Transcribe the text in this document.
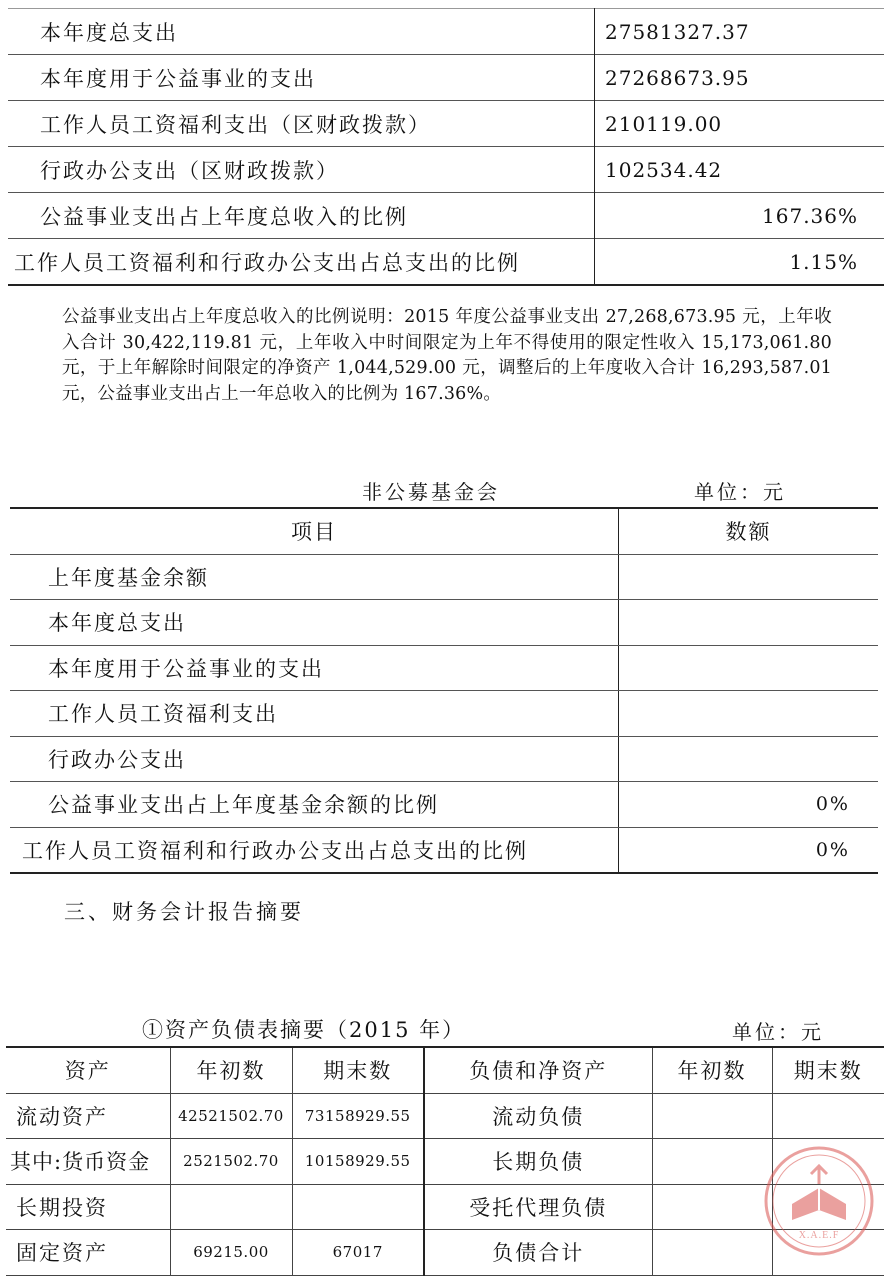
本年度总支出	27581327.37
本年度用于公益事业的支出	27268673.95
工作人员工资福利支出（区财政拨款）	210119.00
行政办公支出（区财政拨款）	102534.42
公益事业支出占上年度总收入的比例	167.36%
工作人员工资福利和行政办公支出占总支出的比例	1.15%
公益事业支出占上年度总收入的比例说明：2015 年度公益事业支出 27,268,673.95 元，上年收入合计 30,422,119.81 元，上年收入中时间限定为上年不得使用的限定性收入 15,173,061.80 元，于上年解除时间限定的净资产 1,044,529.00 元，调整后的上年度收入合计 16,293,587.01 元，公益事业支出占上一年总收入的比例为 167.36%。
非公募基金会	单位：元
项目	数额
上年度基金余额	
本年度总支出	
本年度用于公益事业的支出	
工作人员工资福利支出	
行政办公支出	
公益事业支出占上年度基金余额的比例	0%
工作人员工资福利和行政办公支出占总支出的比例	0%
三、财务会计报告摘要
①资产负债表摘要（2015 年）	单位：元
资产	年初数	期末数	负债和净资产	年初数	期末数
流动资产	42521502.70	73158929.55	流动负债		
其中:货币资金	2521502.70	10158929.55	长期负债		
长期投资			受托代理负债		
固定资产	69215.00	67017	负债合计		
X.A.E.F
